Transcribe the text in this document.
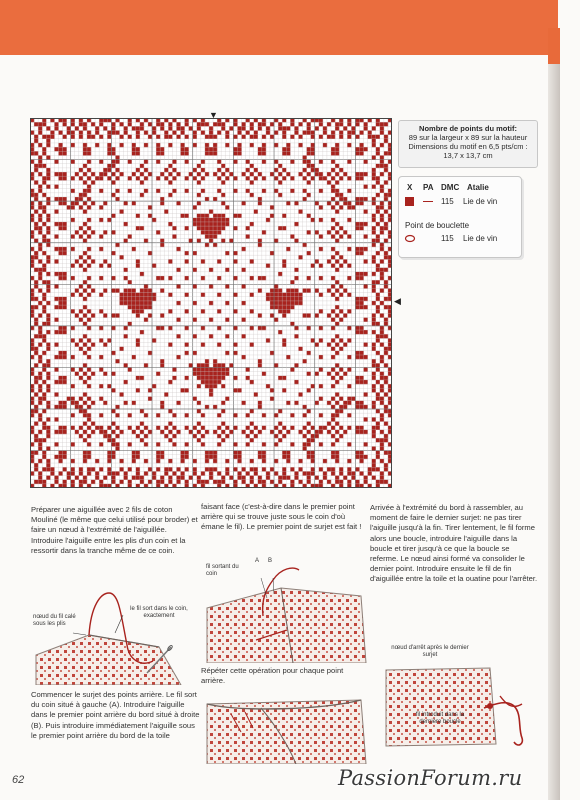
▼
◀
Nombre de points du motif:
89 sur la largeur x 89 sur la hauteur
Dimensions du motif en 6,5 pts/cm :
13,7 x 13,7 cm
X PA DMC Atalie
115 Lie de vin
Point de bouclette
115 Lie de vin
Préparer une aiguillée avec 2 fils de coton Mouliné (le même que celui utilisé pour broder) et faire un nœud à l'extrémité de l'aiguillée. Introduire l'aiguille entre les plis d'un coin et la ressortir dans la tranche même de ce coin.
faisant face (c'est-à-dire dans le premier point arrière qui se trouve juste sous le coin d'où émane le fil). Le premier point de surjet est fait !
Arrivée à l'extrémité du bord à rassembler, au moment de faire le dernier surjet: ne pas tirer l'aiguille jusqu'à la fin. Tirer lentement, le fil forme alors une boucle, introduire l'aiguille dans la boucle et tirer jusqu'à ce que la boucle se referme. Le nœud ainsi formé va consolider le dernier point. Introduire ensuite le fil de fin d'aiguillée entre la toile et la ouatine pour l'arrêter.
Commencer le surjet des points arrière. Le fil sort du coin situé à gauche (A). Introduire l'aiguille dans le premier point arrière du bord situé à droite (B). Puis introduire immédiatement l'aiguille sous le premier point arrière du bord de la toile
Répéter cette opération pour chaque point arrière.
nœud du fil calé sous les plis
le fil sort dans le coin, exactement
fil sortant du coin
A B
nœud d'arrêt après le dernier surjet
fil introduit dans la dernière boucle
62	PassionForum.ru
